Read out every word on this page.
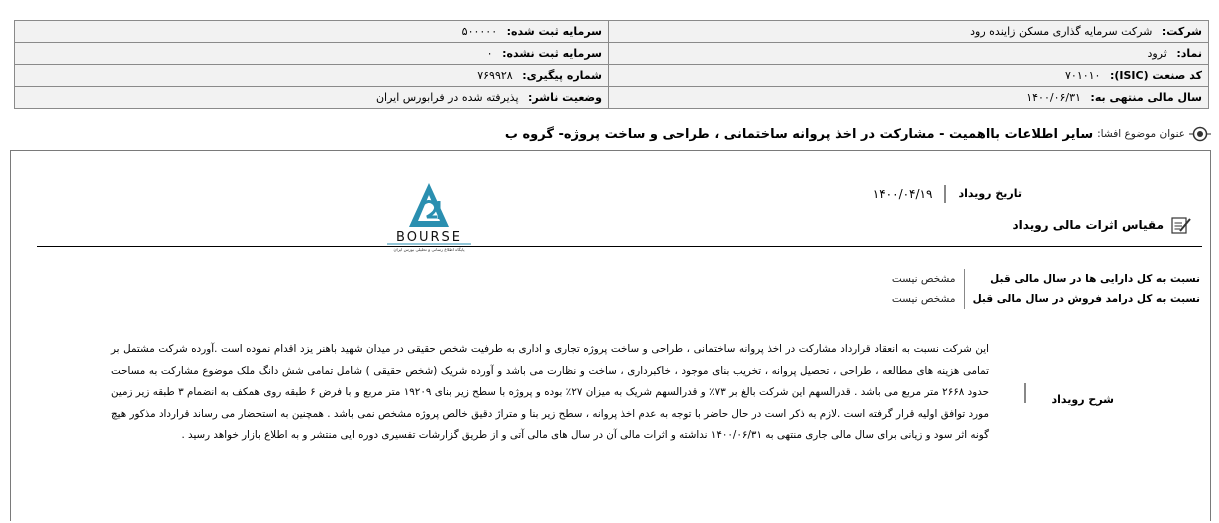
سرمایه ثبت شده: ۵۰۰۰۰۰	شرکت: شرکت سرمایه گذاری مسکن زاینده رود
سرمایه ثبت نشده: ۰	نماد: ثرود
شماره پیگیری: ۷۶۹۹۲۸	کد صنعت (ISIC): ۷۰۱۰۱۰
وضعیت ناشر: پذیرفته شده در فرابورس ایران	سال مالی منتهی به: ۱۴۰۰/۰۶/۳۱
عنوان موضوع افشا:
سایر اطلاعات بااهمیت - مشارکت در اخذ پروانه ساختمانی ، طراحی و ساخت پروژه- گروه ب
BOURSE
پایگاه اطلاع رسانی و تحلیلی بورس ایران
تاریخ رویداد
۱۴۰۰/۰۴/۱۹
مقیاس اثرات مالی رویداد
نسبت به کل دارایی ها در سال مالی قبل	مشخص نیست
نسبت به کل درامد فروش در سال مالی قبل	مشخص نیست
شرح رویداد
این شرکت نسبت به انعقاد قرارداد مشارکت در اخذ پروانه ساختمانی ، طراحی و ساخت پروژه تجاری و اداری به طرفیت شخص حقیقی در میدان شهید باهنر یزد اقدام نموده است .آورده شرکت مشتمل بر تمامی هزینه های مطالعه ، طراحی ، تحصیل پروانه ، تخریب بنای موجود ، خاکبرداری ، ساخت و نظارت می باشد و آورده شریک (شخص حقیقی ) شامل تمامی شش دانگ ملک موضوع مشارکت به مساحت حدود ۲۶۶۸ متر مربع می باشد . قدرالسهم این شرکت بالغ بر ۷۳٪ و قدرالسهم شریک به میزان ۲۷٪ بوده و پروژه با سطح زیر بنای ۱۹۲۰۹ متر مربع و با فرض ۶ طبقه روی همکف به انضمام ۳ طبقه زیر زمین مورد توافق اولیه قرار گرفته است .لازم به ذکر است در حال حاضر با توجه به عدم اخذ پروانه ، سطح زیر بنا و متراژ دقیق خالص پروژه مشخص نمی باشد . همچنین به استحضار می رساند قرارداد مذکور هیچ گونه اثر سود و زیانی برای سال مالی جاری منتهی به ۱۴۰۰/۰۶/۳۱ نداشته و اثرات مالی آن در سال های مالی آتی و از طریق گزارشات تفسیری دوره ایی منتشر و به اطلاع بازار خواهد رسید .
